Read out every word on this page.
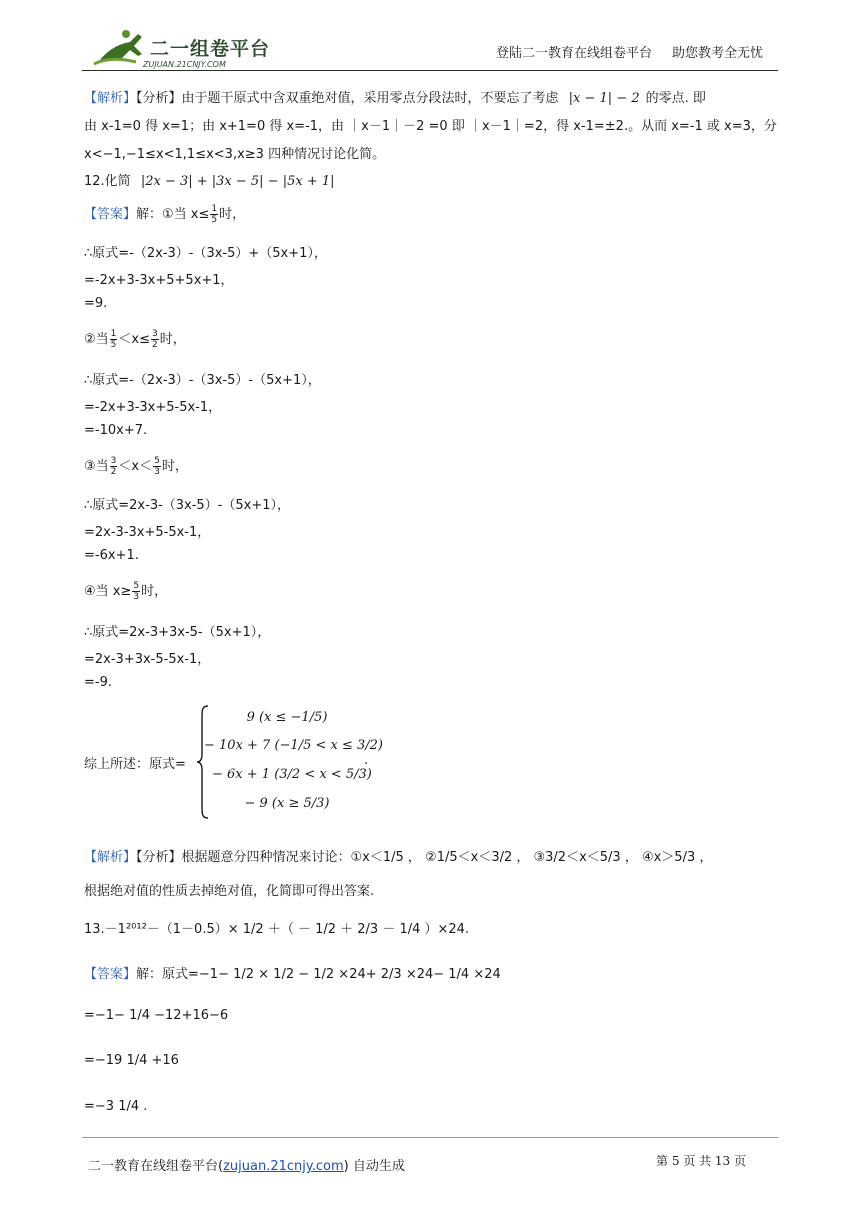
二一组卷平台
ZUJUAN.21CNJY.COM
登陆二一教育在线组卷平台 助您教考全无忧
【解析】【分析】由于题干原式中含双重绝对值，采用零点分段法时，不要忘了考虑 |x − 1| − 2 的零点. 即
由 x-1=0 得 x=1；由 x+1=0 得 x=-1，由 ｜x－1｜－2 =0 即 ｜x－1｜=2，得 x-1=±2.。从而 x=-1 或 x=3，分
x<−1,−1≤x<1,1≤x<3,x≥3 四种情况讨论化简。
12.化简 |2x − 3| + |3x − 5| − |5x + 1|
【答案】解：①当 $x\le \frac{1}{5}$ 时，
∴原式=-（2x-3）-（3x-5）+（5x+1），
=-2x+3-3x+5+5x+1，
=9.
②当 $\frac{1}{5} <x\le \frac{3}{2}$ 时，
∴原式=-（2x-3）-（3x-5）-（5x+1），
=-2x+3-3x+5-5x-1，
=-10x+7.
③当 $\frac{3}{2} <x< \frac{5}{3}$ 时，
∴原式=2x-3-（3x-5）-（5x+1），
=2x-3-3x+5-5x-1，
=-6x+1.
④当 $x\ge \frac{5}{3}$ 时，
∴原式=2x-3+3x-5-（5x+1），
=2x-3+3x-5-5x-1，
=-9.
综上所述：原式=
9 (x ≤ −1/5)
− 10x + 7 (−1/5 < x ≤ 3/2)
− 6x + 1 (3/2 < x < 5/3)
− 9 (x ≥ 5/3)
.
【解析】【分析】根据题意分四种情况来讨论：①x＜1/5 ， ②1/5＜x＜3/2 ， ③3/2＜x＜5/3 ， ④x＞5/3 ，
根据绝对值的性质去掉绝对值，化简即可得出答案.
13.－1²⁰¹²－（1－0.5）× 1/2 ＋（ － 1/2 ＋ 2/3 － 1/4 ）×24.
【答案】解：原式=−1− 1/2 × 1/2 − 1/2 ×24+ 2/3 ×24− 1/4 ×24
=−1− 1/4 −12+16−6
=−19 1/4 +16
=−3 1/4 .
二一教育在线组卷平台(zujuan.21cnjy.com) 自动生成	第 5 页 共 13 页
